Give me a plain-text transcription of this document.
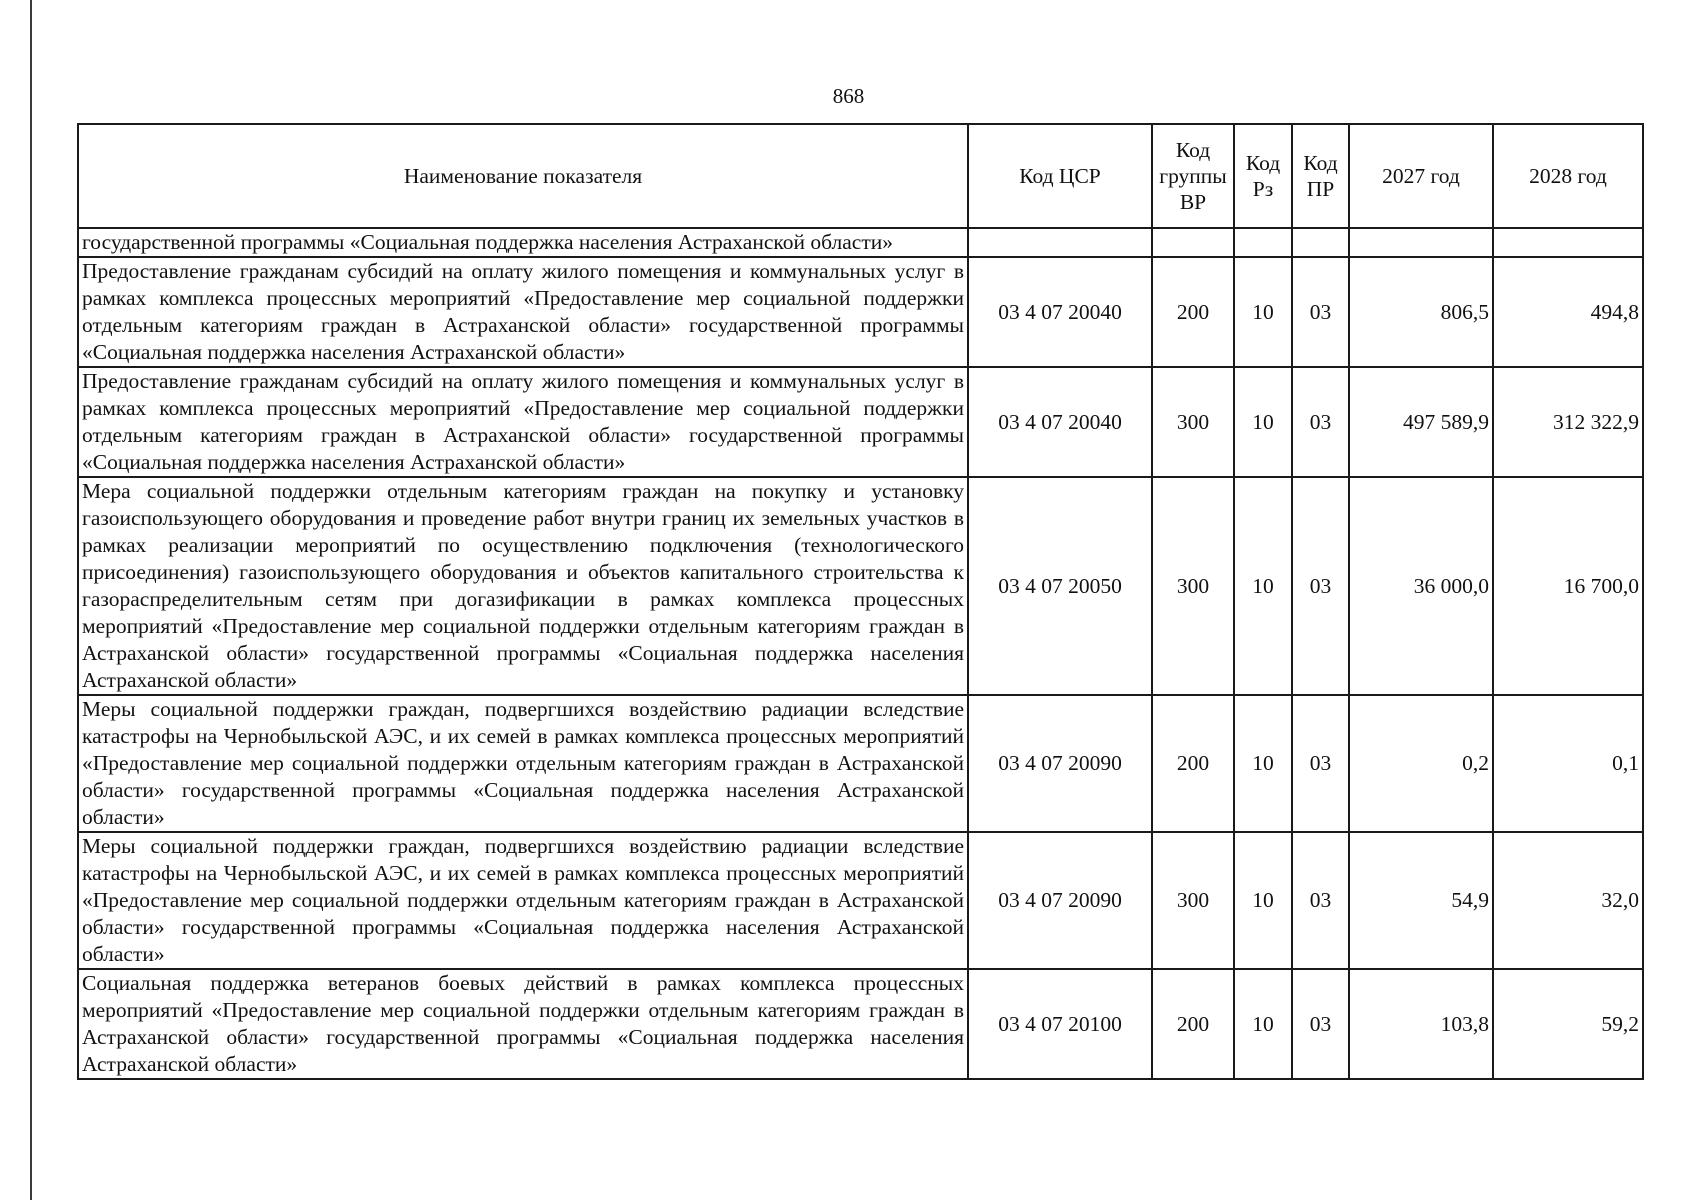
868
Наименование показателя	Код ЦСР	Код группы ВР	Код Рз	Код ПР	2027 год	2028 год
государственной программы «Социальная поддержка населения Астраханской области»						
Предоставление гражданам субсидий на оплату жилого помещения и коммунальных услуг в рамках комплекса процессных мероприятий «Предоставление мер социальной поддержки отдельным категориям граждан в Астраханской области» государственной программы «Социальная поддержка населения Астраханской области»	03 4 07 20040	200	10	03	806,5	494,8
Предоставление гражданам субсидий на оплату жилого помещения и коммунальных услуг в рамках комплекса процессных мероприятий «Предоставление мер социальной поддержки отдельным категориям граждан в Астраханской области» государственной программы «Социальная поддержка населения Астраханской области»	03 4 07 20040	300	10	03	497 589,9	312 322,9
Мера социальной поддержки отдельным категориям граждан на покупку и установку газоиспользующего оборудования и проведение работ внутри границ их земельных участков в рамках реализации мероприятий по осуществлению подключения (технологического присоединения) газоиспользующего оборудования и объектов капитального строительства к газораспределительным сетям при догазификации в рамках комплекса процессных мероприятий «Предоставление мер социальной поддержки отдельным категориям граждан в Астраханской области» государственной программы «Социальная поддержка населения Астраханской области»	03 4 07 20050	300	10	03	36 000,0	16 700,0
Меры социальной поддержки граждан, подвергшихся воздействию радиации вследствие катастрофы на Чернобыльской АЭС, и их семей в рамках комплекса процессных мероприятий «Предоставление мер социальной поддержки отдельным категориям граждан в Астраханской области» государственной программы «Социальная поддержка населения Астраханской области»	03 4 07 20090	200	10	03	0,2	0,1
Меры социальной поддержки граждан, подвергшихся воздействию радиации вследствие катастрофы на Чернобыльской АЭС, и их семей в рамках комплекса процессных мероприятий «Предоставление мер социальной поддержки отдельным категориям граждан в Астраханской области» государственной программы «Социальная поддержка населения Астраханской области»	03 4 07 20090	300	10	03	54,9	32,0
Социальная поддержка ветеранов боевых действий в рамках комплекса процессных мероприятий «Предоставление мер социальной поддержки отдельным категориям граждан в Астраханской области» государственной программы «Социальная поддержка населения Астраханской области»	03 4 07 20100	200	10	03	103,8	59,2
